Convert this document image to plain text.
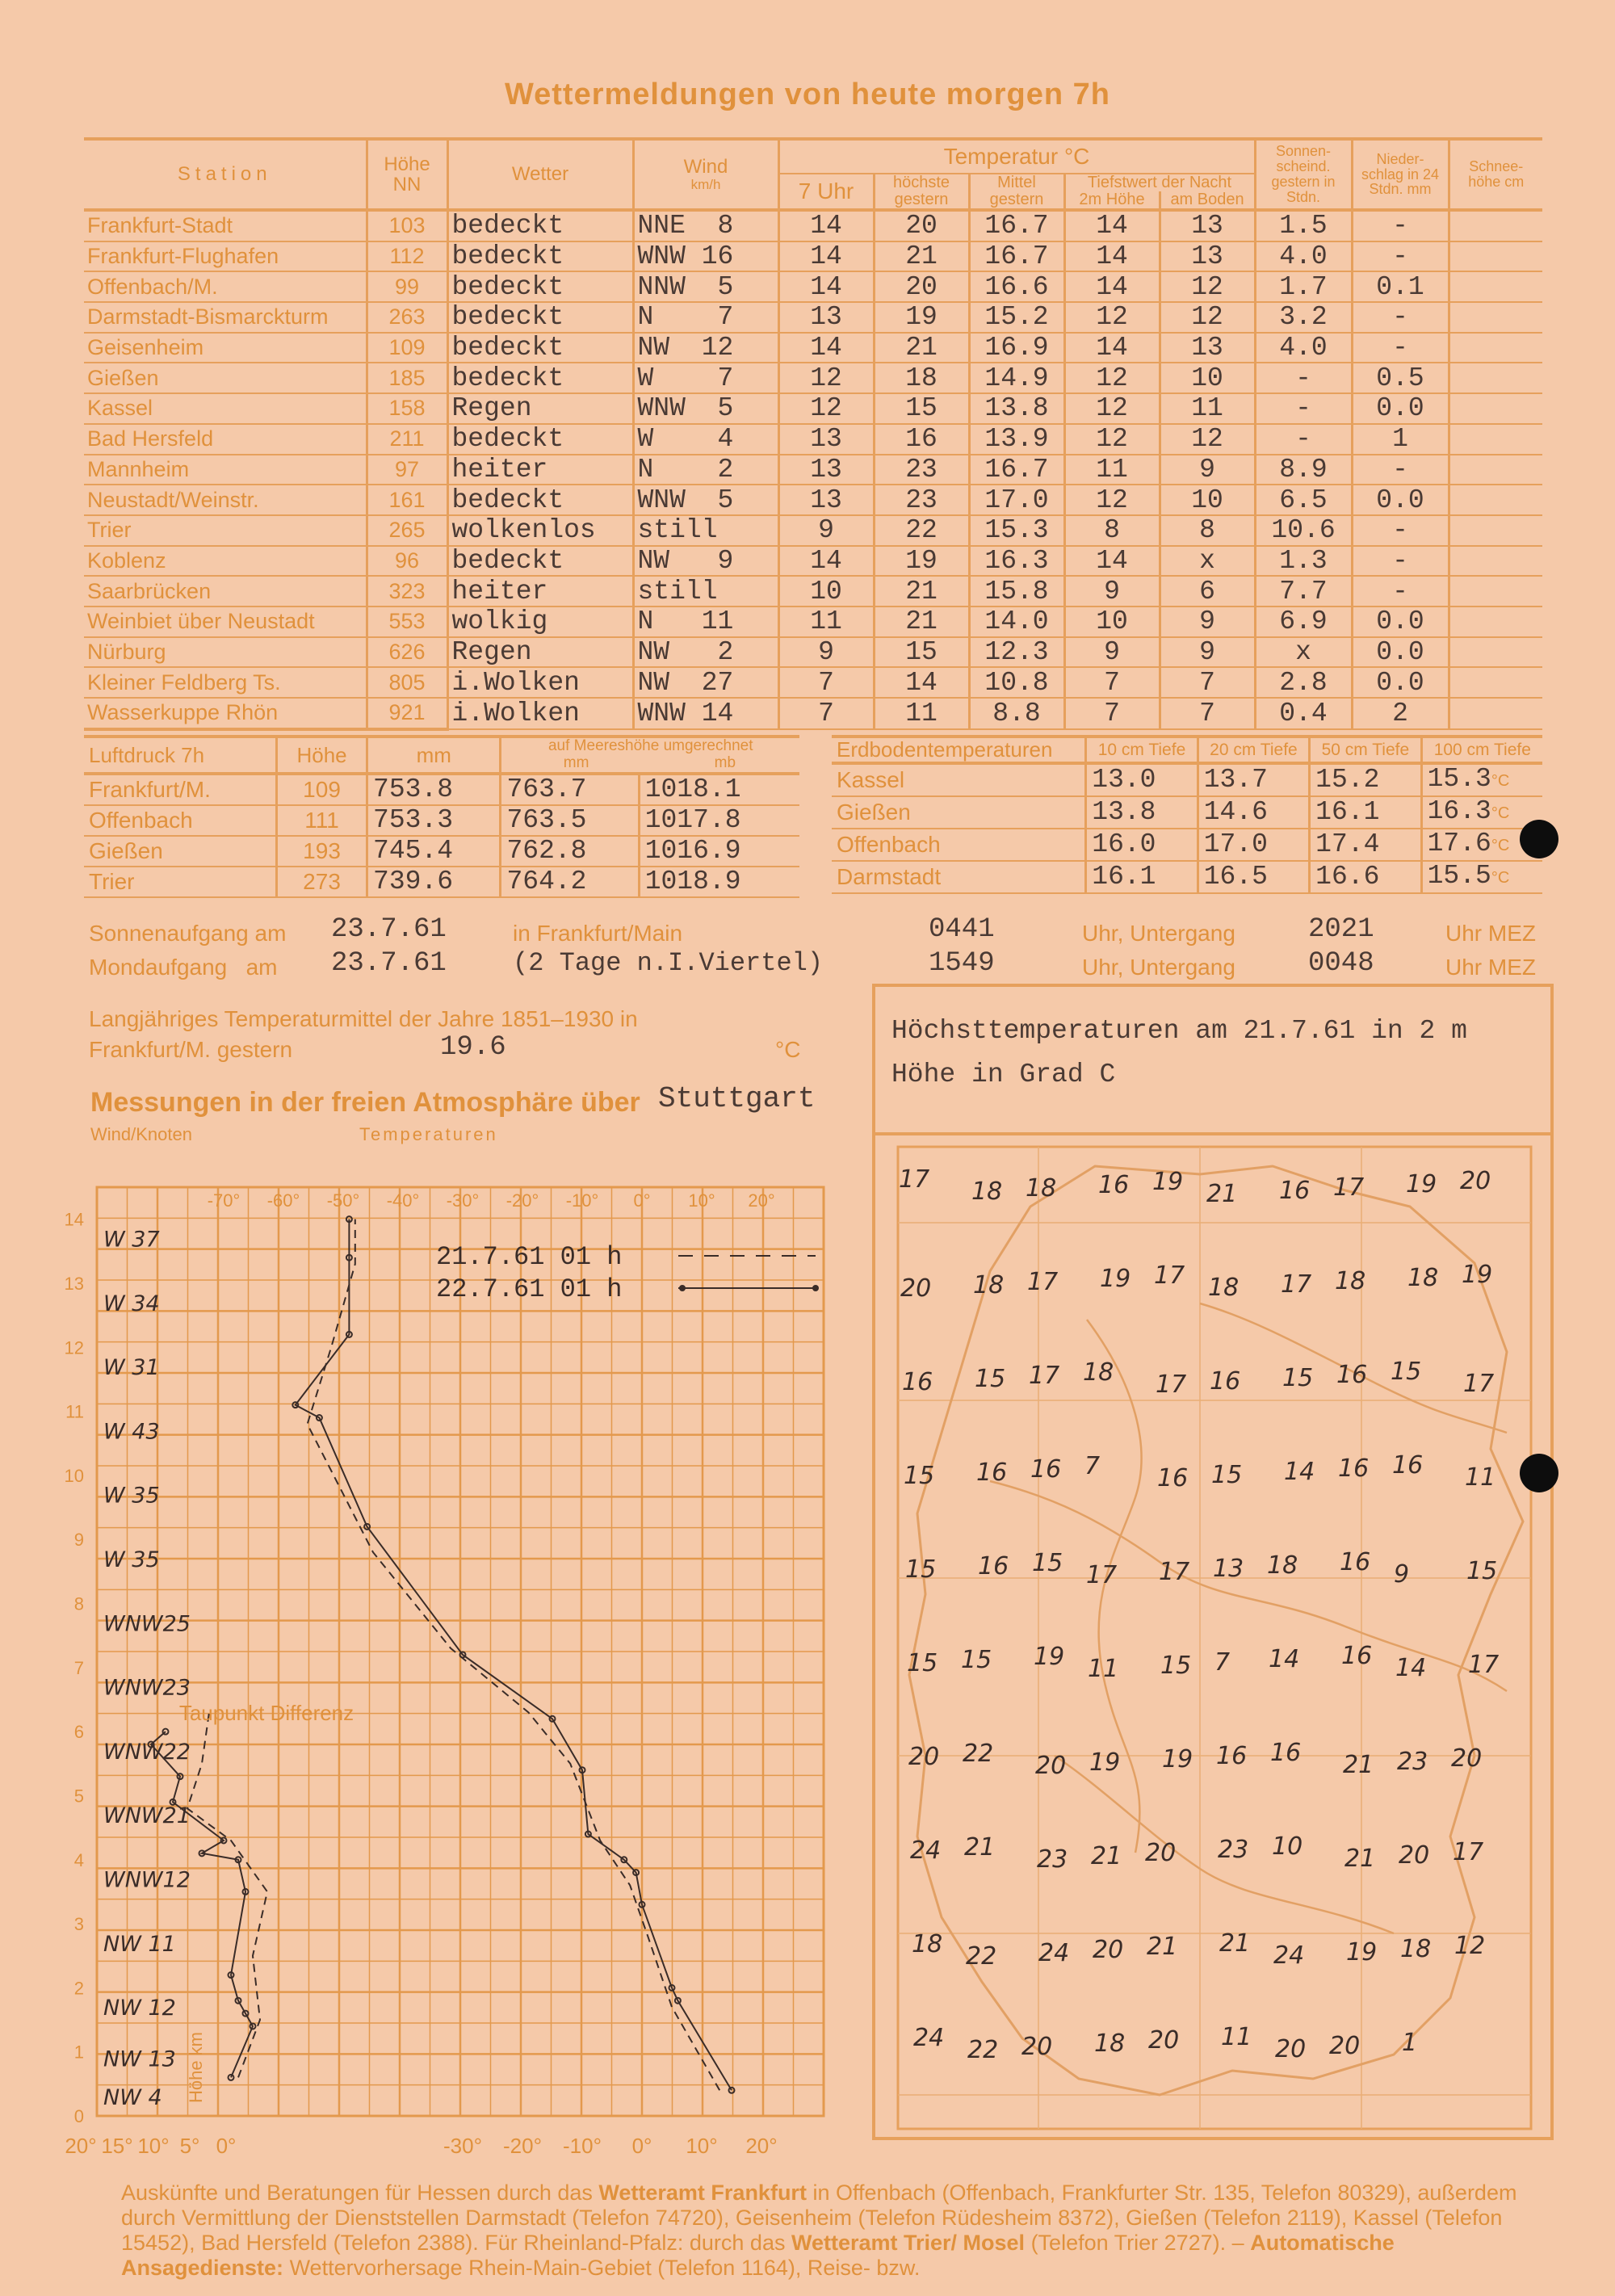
Wettermeldungen von heute morgen 7h
Station	Höhe NN	Wetter	Wind
km/h	Temperatur °C					Sonnen-scheind. gestern in Stdn.	Nieder-schlag in 24 Stdn. mm	Schnee-höhe cm
				7 Uhr	höchste gestern	Mittel gestern	Tiefstwert der Nacht
2m Höhe am Boden				

Frankfurt-Stadt	103	bedeckt	NNE  8	14	20	16.7	14	13	1.5	-	
Frankfurt-Flughafen	112	bedeckt	WNW 16	14	21	16.7	14	13	4.0	-	
Offenbach/M.	99	bedeckt	NNW  5	14	20	16.6	14	12	1.7	0.1	
Darmstadt-Bismarckturm	263	bedeckt	N    7	13	19	15.2	12	12	3.2	-	
Geisenheim	109	bedeckt	NW  12	14	21	16.9	14	13	4.0	-	
Gießen	185	bedeckt	W    7	12	18	14.9	12	10	-	0.5	
Kassel	158	Regen	WNW  5	12	15	13.8	12	11	-	0.0	
Bad Hersfeld	211	bedeckt	W    4	13	16	13.9	12	12	-	1	
Mannheim	97	heiter	N    2	13	23	16.7	11	9	8.9	-	
Neustadt/Weinstr.	161	bedeckt	WNW  5	13	23	17.0	12	10	6.5	0.0	
Trier	265	wolkenlos	still	9	22	15.3	8	8	10.6	-	
Koblenz	96	bedeckt	NW   9	14	19	16.3	14	x	1.3	-	
Saarbrücken	323	heiter	still	10	21	15.8	9	6	7.7	-	
Weinbiet über Neustadt	553	wolkig	N   11	11	21	14.0	10	9	6.9	0.0	
Nürburg	626	Regen	NW   2	9	15	12.3	9	9	x	0.0	
Kleiner Feldberg Ts.	805	i.Wolken	NW  27	7	14	10.8	7	7	2.8	0.0	
Wasserkuppe Rhön	921	i.Wolken	WNW 14	7	11	8.8	7	7	0.4	2	
Luftdruck 7h	Höhe	mm	auf Meereshöhe umgerechnet
mm mb	

Frankfurt/M.	109	753.8	763.7	1018.1
Offenbach	111	753.3	763.5	1017.8
Gießen	193	745.4	762.8	1016.9
Trier	273	739.6	764.2	1018.9
Erdbodentemperaturen	10 cm Tiefe	20 cm Tiefe	50 cm Tiefe	100 cm Tiefe
Kassel	13.0	13.7	15.2	15.3°C
Gießen	13.8	14.6	16.1	16.3°C
Offenbach	16.0	17.0	17.4	17.6°C
Darmstadt	16.1	16.5	16.6	15.5°C
Sonnenaufgang am 23.7.61	in Frankfurt/Main	0441	Uhr, Untergang	2021	Uhr MEZ
Mondaufgang   am 23.7.61	(2 Tage n.I.Viertel)	1549	Uhr, Untergang	0048	Uhr MEZ
Langjähriges Temperaturmittel der Jahre 1851–1930 in
Frankfurt/M. gestern	19.6	°C
Messungen in der freien Atmosphäre über Stuttgart
Wind/Knoten	Temperaturen
-70° -60° -50° -40° -30° -20° -10° 0° 10° 20°
-30° -20° -10° 0° 10° 20°
20° 15° 10° 5° 0°
14
13
12
11
10
9
8
7
6
5
4
3
2
1
0
W 37
W 34
W 31
W 43
W 35
W 35
WNW25
WNW23
WNW22
WNW21
WNW12
NW 11
NW 12
NW 13
NW 4
21.7.61 01 h
22.7.61 01 h
Taupunkt Differenz
Höhe km
Höchsttemperaturen am 21.7.61 in 2 m Höhe in Grad C
17 18 18 16 19 21 16 17 19 20
20 18 17 19 17 18 17 18 18 19
16 15 17 18 17 16 15 16 15 17
15 16 16 7 16 15 14 16 16 11
15 16 15 17 17 13 18 16 9 15
15 15 19 11 15 7 14 16 14 17
20 22 20 19 19 16 16 21 23 20
24 21 23 21 20 23 10 21 20 17
18 22 24 20 21 21 24 19 18 12
24 22 20 18 20 11 20 20 1
Auskünfte und Beratungen für Hessen durch das Wetteramt Frankfurt in Offenbach (Offenbach, Frankfurter Str. 135, Telefon 80329), außerdem durch Vermittlung der Dienststellen Darmstadt (Telefon 74720), Geisenheim (Telefon Rüdesheim 8372), Gießen (Telefon 2119), Kassel (Telefon 15452), Bad Hersfeld (Telefon 2388). Für Rheinland-Pfalz: durch das Wetteramt Trier/ Mosel (Telefon Trier 2727). – Automatische Ansagedienste: Wettervorhersage Rhein-Main-Gebiet (Telefon 1164), Reise- bzw.
